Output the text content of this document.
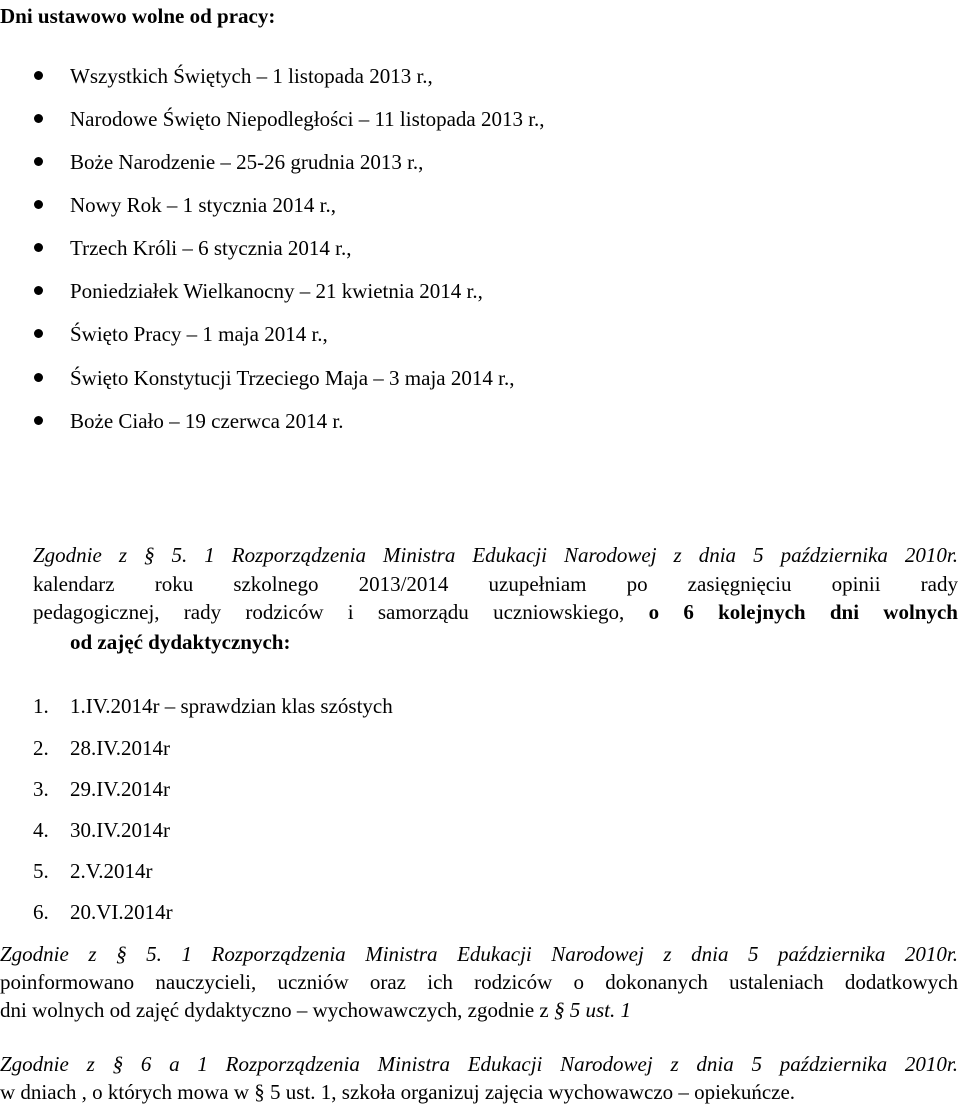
Dni ustawowo wolne od pracy:
Wszystkich Świętych – 1 listopada 2013 r.,
Narodowe Święto Niepodległości – 11 listopada 2013 r.,
Boże Narodzenie – 25-26 grudnia 2013 r.,
Nowy Rok – 1 stycznia 2014 r.,
Trzech Króli – 6 stycznia 2014 r.,
Poniedziałek Wielkanocny – 21 kwietnia 2014 r.,
Święto Pracy – 1 maja 2014 r.,
Święto Konstytucji Trzeciego Maja – 3 maja 2014 r.,
Boże Ciało – 19 czerwca 2014 r.
Zgodnie z § 5. 1 Rozporządzenia Ministra Edukacji Narodowej z dnia 5 października 2010r.
kalendarz roku szkolnego 2013/2014 uzupełniam po zasięgnięciu opinii rady
pedagogicznej, rady rodziców i samorządu uczniowskiego, o 6 kolejnych dni wolnych
od zajęć dydaktycznych:
1. 1.IV.2014r – sprawdzian klas szóstych
2. 28.IV.2014r
3. 29.IV.2014r
4. 30.IV.2014r
5. 2.V.2014r
6. 20.VI.2014r
Zgodnie z § 5. 1 Rozporządzenia Ministra Edukacji Narodowej z dnia 5 października 2010r.
poinformowano nauczycieli, uczniów oraz ich rodziców o dokonanych ustaleniach dodatkowych
dni wolnych od zajęć dydaktyczno – wychowawczych, zgodnie z § 5 ust. 1
Zgodnie z § 6 a 1 Rozporządzenia Ministra Edukacji Narodowej z dnia 5 października 2010r.
w dniach , o których mowa w § 5 ust. 1, szkoła organizuj zajęcia wychowawczo – opiekuńcze.
